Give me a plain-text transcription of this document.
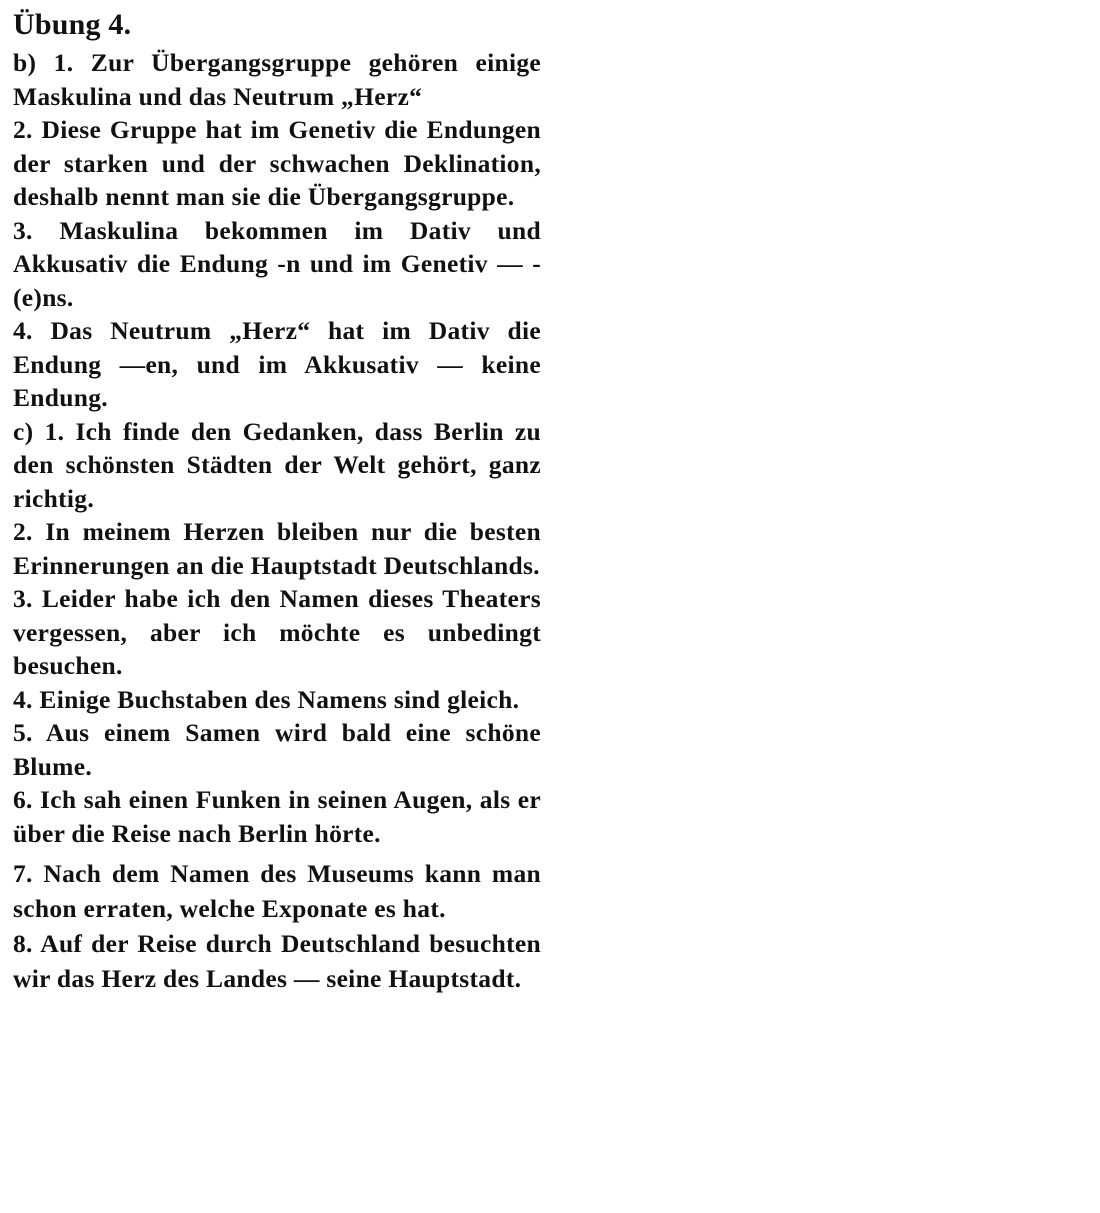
Übung 4.

b) 1. Zur Übergangsgruppe gehören einige Maskulina und das Neutrum „Herz“

2. Diese Gruppe hat im Genetiv die Endungen der starken und der schwachen Deklination, deshalb nennt man sie die Übergangsgruppe.

3. Maskulina bekommen im Dativ und Akkusativ die Endung -n und im Genetiv — -(e)ns.

4. Das Neutrum „Herz“ hat im Dativ die Endung —en, und im Akkusativ — keine Endung.

c) 1. Ich finde den Gedanken, dass Berlin zu den schönsten Städten der Welt gehört, ganz richtig.

2. In meinem Herzen bleiben nur die besten Erinnerungen an die Hauptstadt Deutschlands.

3. Leider habe ich den Namen dieses Theaters vergessen, aber ich möchte es unbedingt besuchen.

4. Einige Buchstaben des Namens sind gleich.

5. Aus einem Samen wird bald eine schöne Blume.

6. Ich sah einen Funken in seinen Augen, als er über die Reise nach Berlin hörte.

7. Nach dem Namen des Museums kann man schon erraten, welche Exponate es hat.

8. Auf der Reise durch Deutschland besuchten wir das Herz des Landes — seine Hauptstadt.
